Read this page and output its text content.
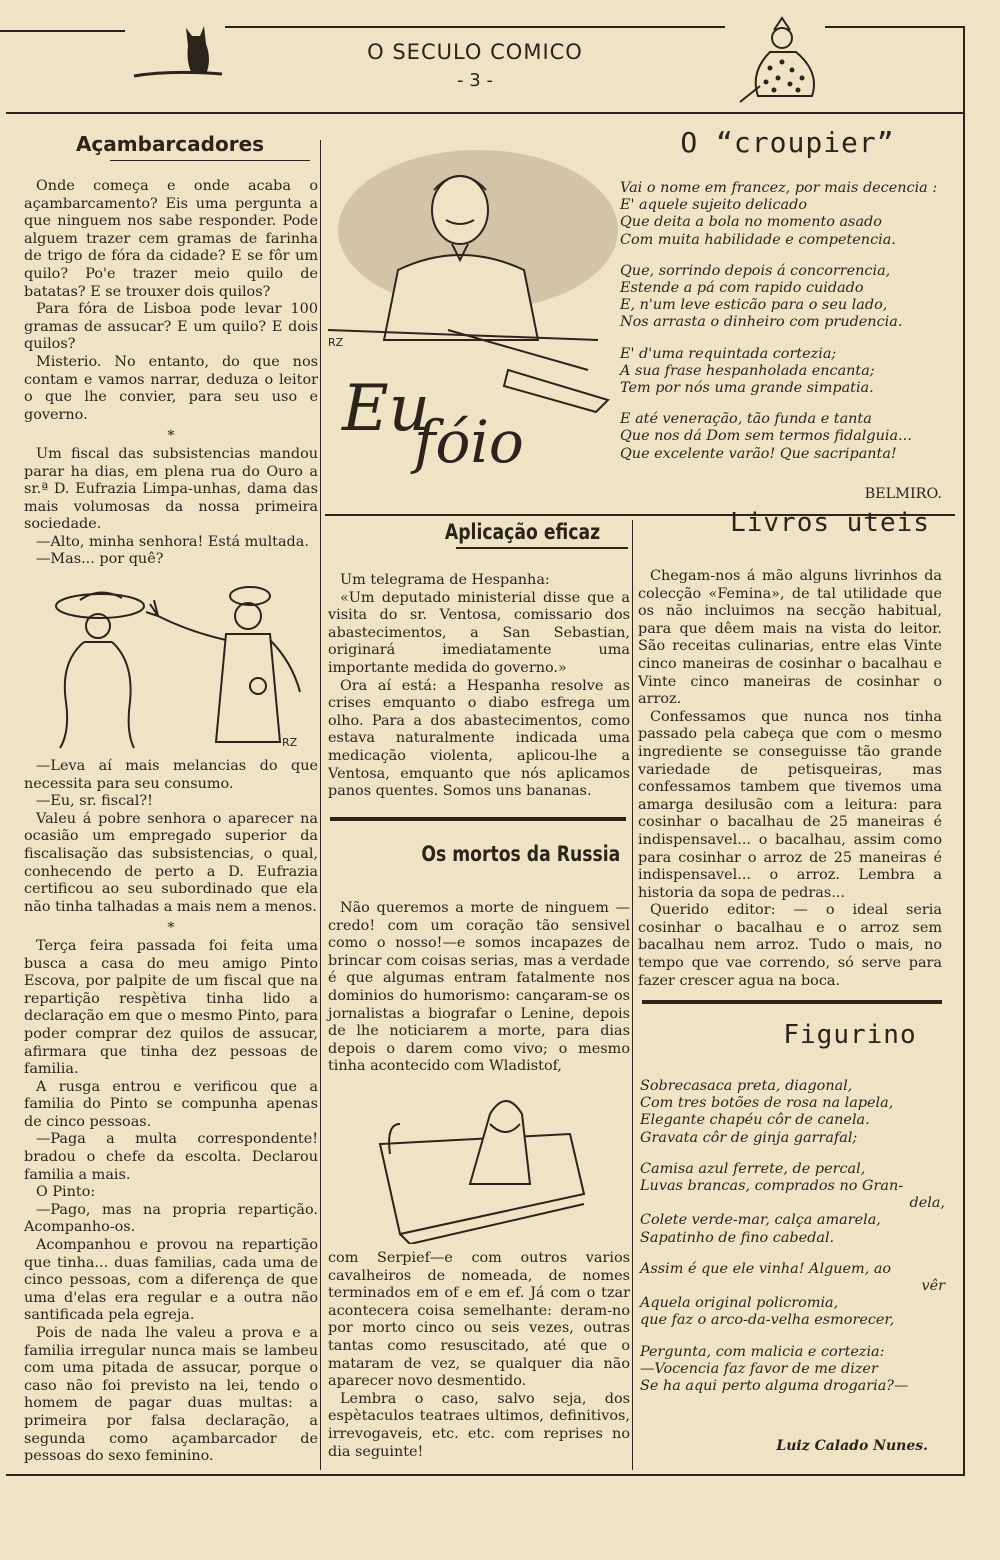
O SECULO COMICO
- 3 -
Açambarcadores

Onde começa e onde acaba o açambarcamento? Eis uma pergunta a que ninguem nos sabe responder. Pode alguem trazer cem gramas de farinha de trigo de fóra da cidade? E se fôr um quilo? Po'e trazer meio quilo de batatas? E se trouxer dois quilos?

Para fóra de Lisboa pode levar 100 gramas de assucar? E um quilo? E dois quilos?

Misterio. No entanto, do que nos contam e vamos narrar, deduza o leitor o que lhe convier, para seu uso e governo.

*

Um fiscal das subsistencias mandou parar ha dias, em plena rua do Ouro a sr.ª D. Eufrazia Limpa-unhas, dama das mais volumosas da nossa primeira sociedade.

—Alto, minha senhora! Está multada.

—Mas... por quê?

RZ

—Leva aí mais melancias do que necessita para seu consumo.

—Eu, sr. fiscal?!

Valeu á pobre senhora o aparecer na ocasião um empregado superior da fiscalisação das subsistencias, o qual, conhecendo de perto a D. Eufrazia certificou ao seu subordinado que ela não tinha talhadas a mais nem a menos.

*

Terça feira passada foi feita uma busca a casa do meu amigo Pinto Escova, por palpite de um fiscal que na repartição respètiva tinha lido a declaração em que o mesmo Pinto, para poder comprar dez quilos de assucar, afirmara que tinha dez pessoas de familia.

A rusga entrou e verificou que a familia do Pinto se compunha apenas de cinco pessoas.

—Paga a multa correspondente! bradou o chefe da escolta. Declarou familia a mais.

O Pinto:

—Pago, mas na propria repartição. Acompanho-os.

Acompanhou e provou na repartição que tinha... duas familias, cada uma de cinco pessoas, com a diferença de que uma d'elas era regular e a outra não santificada pela egreja.

Pois de nada lhe valeu a prova e a familia irregular nunca mais se lambeu com uma pitada de assucar, porque o caso não foi previsto na lei, tendo o homem de pagar duas multas: a primeira por falsa declaração, a segunda como açambarcador de pessoas do sexo feminino.

RZ
Eu
fóio
O “croupier”

Vai o nome em francez, por mais decencia :

E' aquele sujeito delicado

Que deita a bola no momento asado

Com muita habilidade e competencia.

Que, sorrindo depois á concorrencia,

Estende a pá com rapido cuidado

E, n'um leve esticão para o seu lado,

Nos arrasta o dinheiro com prudencia.

E' d'uma requintada cortezia;

A sua frase hespanholada encanta;

Tem por nós uma grande simpatia.

E até veneração, tão funda e tanta

Que nos dá Dom sem termos fidalguia...

Que excelente varão! Que sacripanta!

BELMIRO.
Aplicação eficaz

Um telegrama de Hespanha:

«Um deputado ministerial disse que a visita do sr. Ventosa, comissario dos abastecimentos, a San Sebastian, originará imediatamente uma importante medida do governo.»

Ora aí está: a Hespanha resolve as crises emquanto o diabo esfrega um olho. Para a dos abastecimentos, como estava naturalmente indicada uma medicação violenta, aplicou-lhe a Ventosa, emquanto que nós aplicamos panos quentes. Somos uns bananas.

Os mortos da Russia

Não queremos a morte de ninguem —credo! com um coração tão sensivel como o nosso!—e somos incapazes de brincar com coisas serias, mas a verdade é que algumas entram fatalmente nos dominios do humorismo: cançaram-se os jornalistas a biografar o Lenine, depois de lhe noticiarem a morte, para dias depois o darem como vivo; o mesmo tinha acontecido com Wladistof,

com Serpief—e com outros varios cavalheiros de nomeada, de nomes terminados em of e em ef. Já com o tzar acontecera coisa semelhante: deram-no por morto cinco ou seis vezes, outras tantas como resuscitado, até que o mataram de vez, se qualquer dia não aparecer novo desmentido.

Lembra o caso, salvo seja, dos espètaculos teatraes ultimos, definitivos, irrevogaveis, etc. etc. com reprises no dia seguinte!

Livros uteis

Chegam-nos á mão alguns livrinhos da colecção «Femina», de tal utilidade que os não incluimos na secção habitual, para que dêem mais na vista do leitor. São receitas culinarias, entre elas Vinte cinco maneiras de cosinhar o bacalhau e Vinte cinco maneiras de cosinhar o arroz.

Confessamos que nunca nos tinha passado pela cabeça que com o mesmo ingrediente se conseguisse tão grande variedade de petisqueiras, mas confessamos tambem que tivemos uma amarga desilusão com a leitura: para cosinhar o bacalhau de 25 maneiras é indispensavel... o bacalhau, assim como para cosinhar o arroz de 25 maneiras é indispensavel... o arroz. Lembra a historia da sopa de pedras...

Querido editor: — o ideal seria cosinhar o bacalhau e o arroz sem bacalhau nem arroz. Tudo o mais, no tempo que vae correndo, só serve para fazer crescer agua na boca.

Figurino

Sobrecasaca preta, diagonal,

Com tres botões de rosa na lapela,

Elegante chapéu côr de canela.

Gravata côr de ginja garrafal;

Camisa azul ferrete, de percal,

Luvas brancas, comprados no Gran-

dela,

Colete verde-mar, calça amarela,

Sapatinho de fino cabedal.

Assim é que ele vinha! Alguem, ao

vêr

Aquela original policromia,

que faz o arco-da-velha esmorecer,

Pergunta, com malicia e cortezia:

—Vocencia faz favor de me dizer

Se ha aqui perto alguma drogaria?—

Luiz Calado Nunes.
